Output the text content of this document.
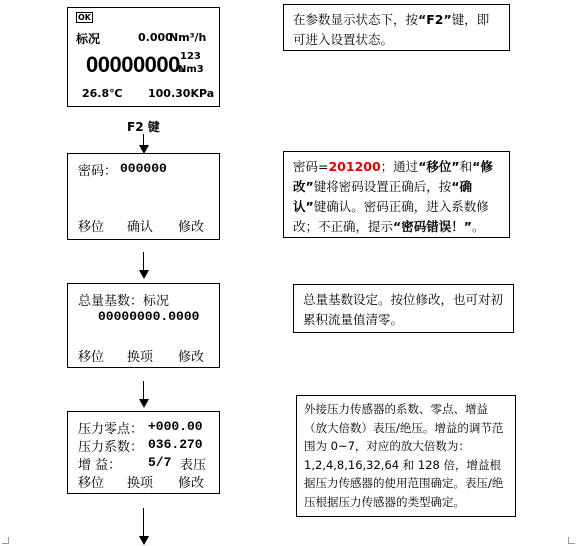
OK
标况	0.000
Nm³/h
00000000.
123
Nm3
26.8℃ 100.30KPa
F2 键
密码： 000000
移位 确认 修改
总量基数：标况
00000000.0000
移位 换项 修改
压力零点： +000.00
压力系数： 036.270
增 益： 5/7 表压
移位 换项 修改
在参数显示状态下，按“F2”键，即可进入设置状态。
密码=201200；通过“移位”和“修改”键将密码设置正确后，按“确认”键确认。密码正确，进入系数修改；不正确，提示“密码错误！”。
总量基数设定。按位修改，也可对初累积流量值清零。
外接压力传感器的系数、零点、增益（放大倍数）表压/绝压。增益的调节范围为 0~7，对应的放大倍数为：1,2,4,8,16,32,64 和 128 倍，增益根据压力传感器的使用范围确定。表压/绝压根据压力传感器的类型确定。
